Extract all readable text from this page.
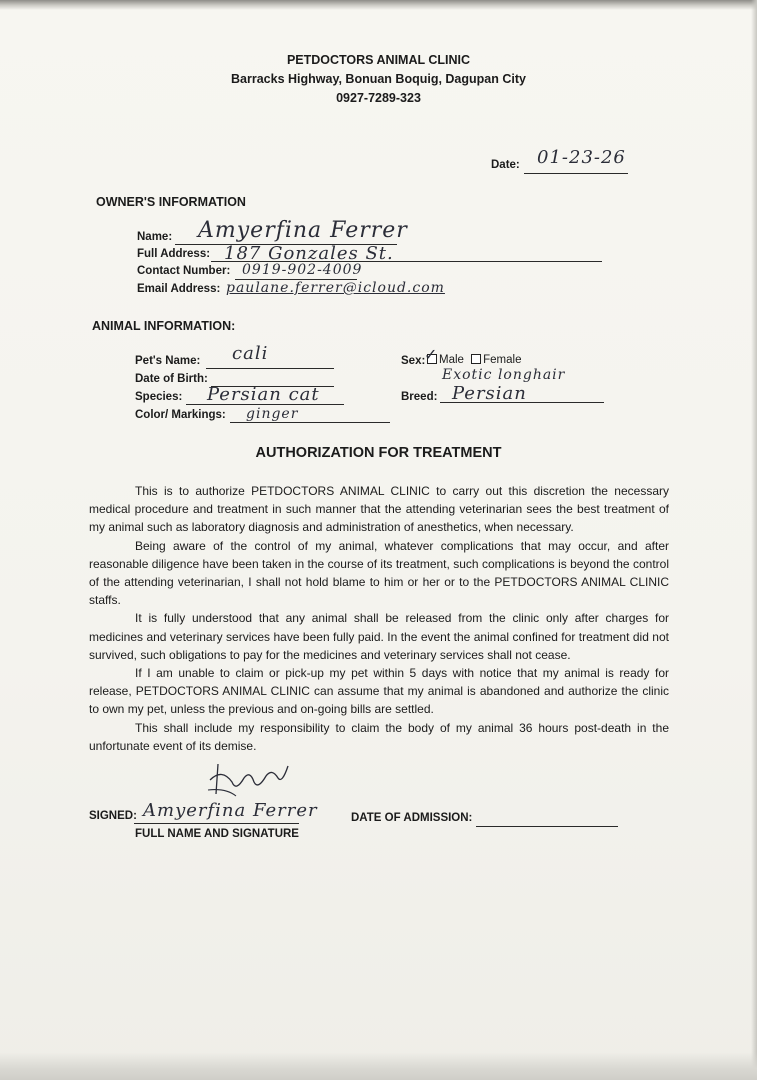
PETDOCTORS ANIMAL CLINIC
Barracks Highway, Bonuan Boquig, Dagupan City
0927-7289-323
Date: 01-23-26
OWNER'S INFORMATION
Name: Amyerfina Ferrer
Full Address: 187 Gonzales St.
Contact Number: 0919-902-4009
Email Address: paulane.ferrer@icloud.com
ANIMAL INFORMATION:
Pet's Name: cali
Date of Birth:
Species: Persian cat
Color/ Markings: ginger
Sex:
✓ Male Female
Exotic longhair
Breed: Persian
AUTHORIZATION FOR TREATMENT

This is to authorize PETDOCTORS ANIMAL CLINIC to carry out this discretion the necessary medical procedure and treatment in such manner that the attending veterinarian sees the best treatment of my animal such as laboratory diagnosis and administration of anesthetics, when necessary.

Being aware of the control of my animal, whatever complications that may occur, and after reasonable diligence have been taken in the course of its treatment, such complications is beyond the control of the attending veterinarian, I shall not hold blame to him or her or to the PETDOCTORS ANIMAL CLINIC staffs.

It is fully understood that any animal shall be released from the clinic only after charges for medicines and veterinary services have been fully paid. In the event the animal confined for treatment did not survived, such obligations to pay for the medicines and veterinary services shall not cease.

If I am unable to claim or pick-up my pet within 5 days with notice that my animal is ready for release, PETDOCTORS ANIMAL CLINIC can assume that my animal is abandoned and authorize the clinic to own my pet, unless the previous and on-going bills are settled.

This shall include my responsibility to claim the body of my animal 36 hours post-death in the unfortunate event of its demise.

SIGNED: Amyerfina Ferrer
FULL NAME AND SIGNATURE
DATE OF ADMISSION:
